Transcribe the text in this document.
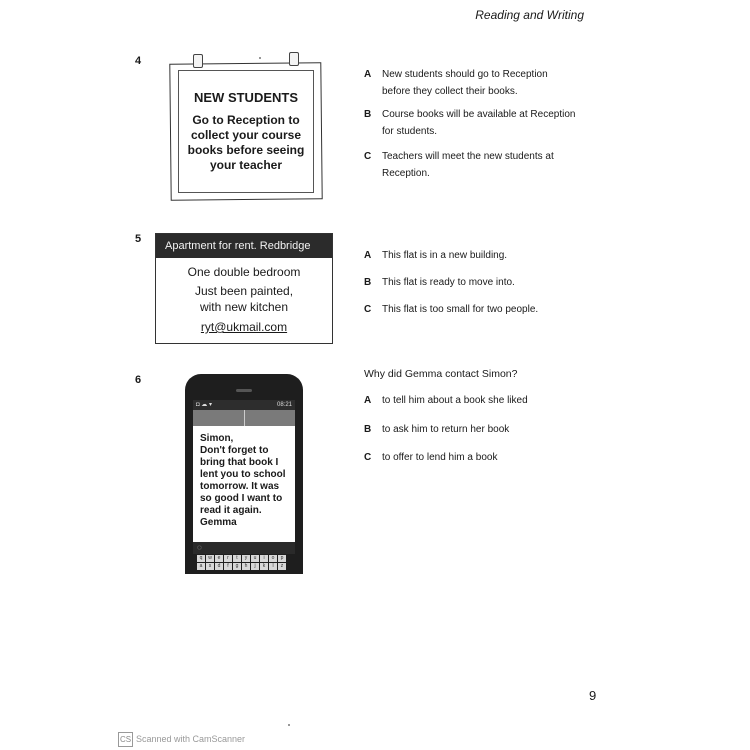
Reading and Writing
4
NEW STUDENTS
Go to Reception to
collect your course
books before seeing
your teacher
A New students should go to Reception
before they collect their books.
B Course books will be available at Reception
for students.
C Teachers will meet the new students at
Reception.
5
Apartment for rent. Redbridge
One double bedroom
Just been painted,
with new kitchen
ryt@ukmail.com
A This flat is in a new building.
B This flat is ready to move into.
C This flat is too small for two people.
6
◘ ☁ ▾	08:21
Simon,
Don't forget to
bring that book I
lent you to school
tomorrow. It was
so good I want to
read it again.
Gemma
◌
q	w	e	r	t	y	u	i	o	p
a	s	d	f	g	h	j	k	l	z
Why did Gemma contact Simon?
A to tell him about a book she liked
B to ask him to return her book
C to offer to lend him a book
9
CS Scanned with CamScanner
